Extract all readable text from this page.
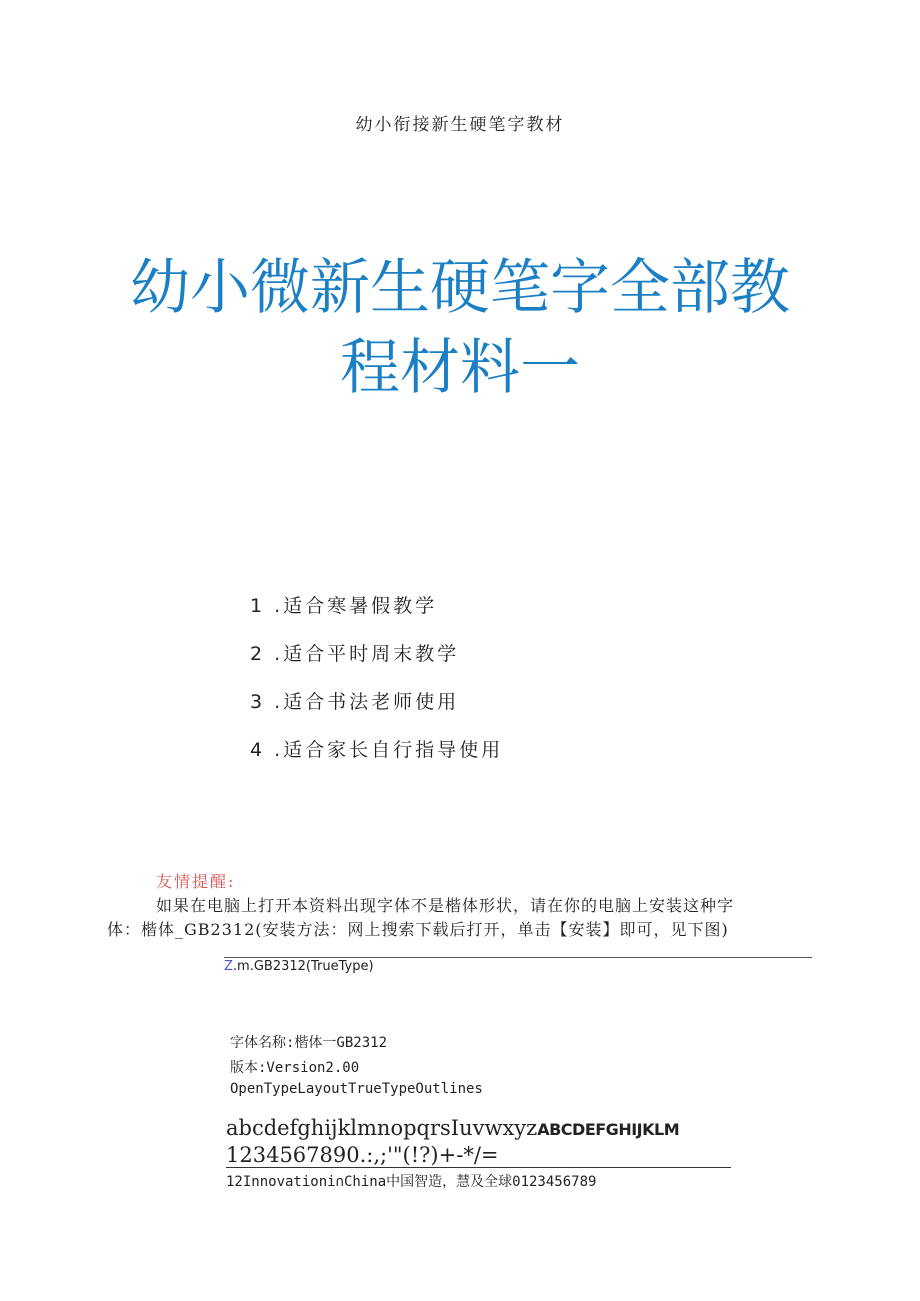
幼小衔接新生硬笔字教材
幼小微新生硬笔字全部教
程材料一
1 .适合寒暑假教学
2 .适合平时周末教学
3 .适合书法老师使用
4 .适合家长自行指导使用
友情提醒:
如果在电脑上打开本资料出现字体不是楷体形状，请在你的电脑上安装这种字
体：楷体_GB2312(安装方法：网上搜索下载后打开，单击【安装】即可，见下图)
Z.m.GB2312(TrueType)
字体名称:楷体一GB2312
版本:Version2.00
OpenTypeLayoutTrueTypeOutlines
abcdefghijklmnopqrsIuvwxyzABCDEFGHIJKLM
1234567890.:,;'"(!?)+-*/=
12Innovationi∩China中国智造，慧及全球0123456789
